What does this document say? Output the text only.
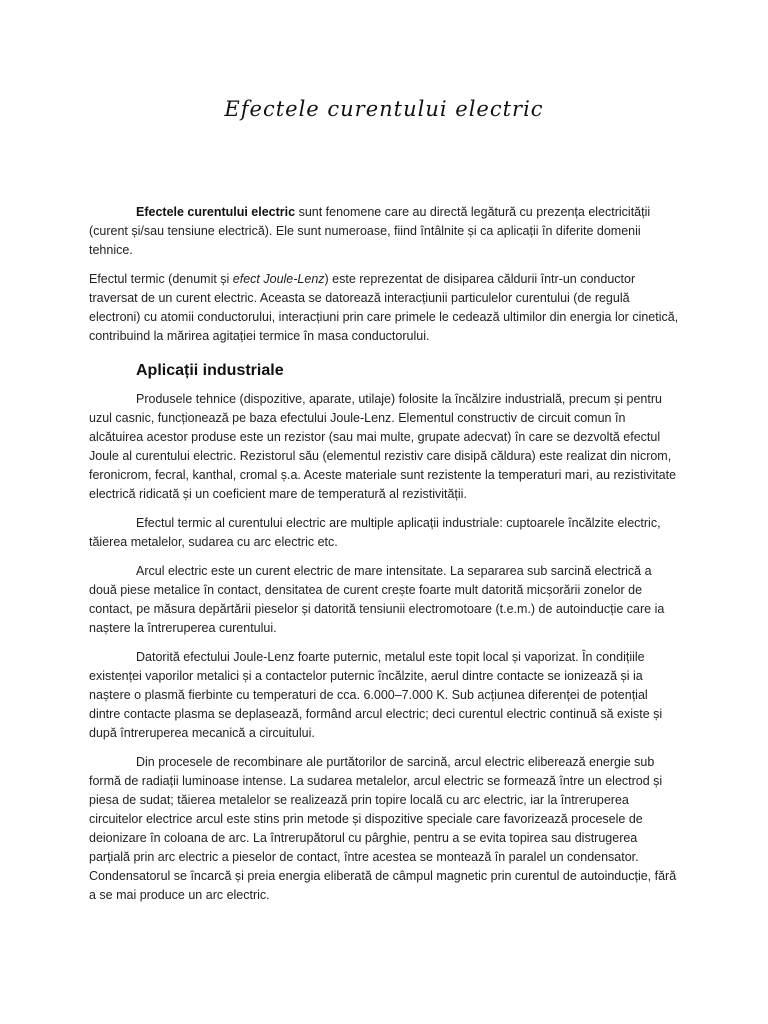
Efectele curentului electric

Efectele curentului electric sunt fenomene care au directă legătură cu prezența electricității (curent și/sau tensiune electrică). Ele sunt numeroase, fiind întâlnite și ca aplicații în diferite domenii tehnice.

Efectul termic (denumit și efect Joule-Lenz) este reprezentat de disiparea căldurii într-un conductor traversat de un curent electric. Aceasta se datorează interacțiunii particulelor curentului (de regulă electroni) cu atomii conductorului, interacțiuni prin care primele le cedează ultimilor din energia lor cinetică, contribuind la mărirea agitației termice în masa conductorului.

Aplicații industriale

Produsele tehnice (dispozitive, aparate, utilaje) folosite la încălzire industrială, precum și pentru uzul casnic, funcționează pe baza efectului Joule-Lenz. Elementul constructiv de circuit comun în alcătuirea acestor produse este un rezistor (sau mai multe, grupate adecvat) în care se dezvoltă efectul Joule al curentului electric. Rezistorul său (elementul rezistiv care disipă căldura) este realizat din nicrom, feronicrom, fecral, kanthal, cromal ș.a. Aceste materiale sunt rezistente la temperaturi mari, au rezistivitate electrică ridicată și un coeficient mare de temperatură al rezistivității.

Efectul termic al curentului electric are multiple aplicații industriale: cuptoarele încălzite electric, tăierea metalelor, sudarea cu arc electric etc.

Arcul electric este un curent electric de mare intensitate. La separarea sub sarcină electrică a două piese metalice în contact, densitatea de curent crește foarte mult datorită micșorării zonelor de contact, pe măsura depărtării pieselor și datorită tensiunii electromotoare (t.e.m.) de autoinducție care ia naștere la întreruperea curentului.

Datorită efectului Joule-Lenz foarte puternic, metalul este topit local și vaporizat. În condițiile existenței vaporilor metalici și a contactelor puternic încălzite, aerul dintre contacte se ionizează și ia naștere o plasmă fierbinte cu temperaturi de cca. 6.000–7.000 K. Sub acțiunea diferenței de potențial dintre contacte plasma se deplasează, formând arcul electric; deci curentul electric continuă să existe și după întreruperea mecanică a circuitului.

Din procesele de recombinare ale purtătorilor de sarcină, arcul electric eliberează energie sub formă de radiații luminoase intense. La sudarea metalelor, arcul electric se formează între un electrod și piesa de sudat; tăierea metalelor se realizează prin topire locală cu arc electric, iar la întreruperea circuitelor electrice arcul este stins prin metode și dispozitive speciale care favorizează procesele de deionizare în coloana de arc. La întrerupătorul cu pârghie, pentru a se evita topirea sau distrugerea parțială prin arc electric a pieselor de contact, între acestea se montează în paralel un condensator. Condensatorul se încarcă și preia energia eliberată de câmpul magnetic prin curentul de autoinducție, fără a se mai produce un arc electric.
